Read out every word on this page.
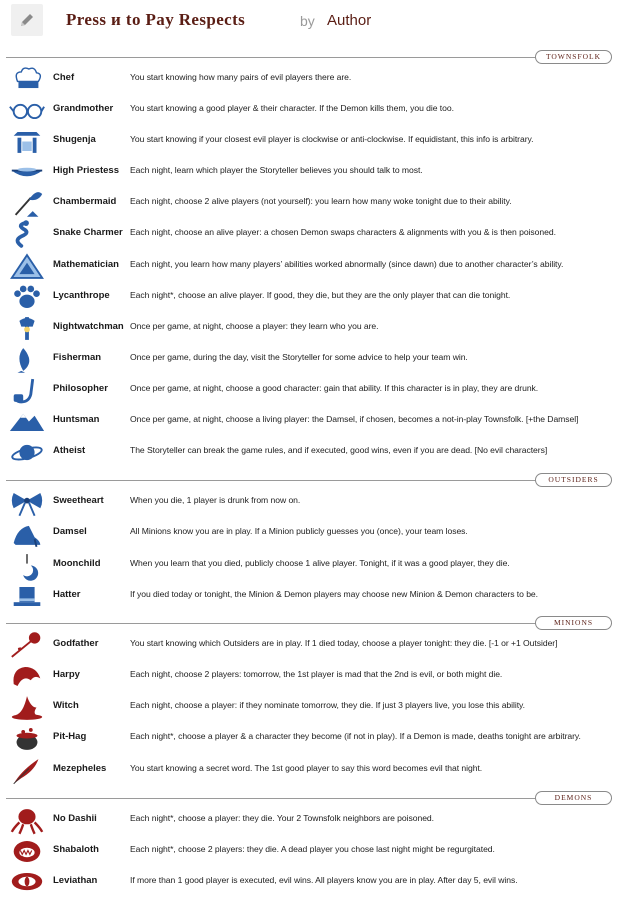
Press и to Pay Respects	by Author
TOWNSFOLK
OUTSIDERS
MINIONS
DEMONS
Chef	You start knowing how many pairs of evil players there are.
Grandmother You start knowing a good player & their character. If the Demon kills them, you die too.
Shugenja	You start knowing if your closest evil player is clockwise or anti-clockwise. If equidistant, this info is arbitrary.
High Priestess Each night, learn which player the Storyteller believes you should talk to most.
Chambermaid Each night, choose 2 alive players (not yourself): you learn how many woke tonight due to their ability.
Snake Charmer Each night, choose an alive player: a chosen Demon swaps characters & alignments with you & is then poisoned.
Mathematician Each night, you learn how many players’ abilities worked abnormally (since dawn) due to another character’s ability.
Lycanthrope Each night*, choose an alive player. If good, they die, but they are the only player that can die tonight.
Nightwatchman Once per game, at night, choose a player: they learn who you are.
Fisherman	Once per game, during the day, visit the Storyteller for some advice to help your team win.
Philosopher	Once per game, at night, choose a good character: gain that ability. If this character is in play, they are drunk.
Huntsman	Once per game, at night, choose a living player: the Damsel, if chosen, becomes a not-in-play Townsfolk. [+the Damsel]
Atheist	The Storyteller can break the game rules, and if executed, good wins, even if you are dead. [No evil characters]
Sweetheart	When you die, 1 player is drunk from now on.
Damsel	All Minions know you are in play. If a Minion publicly guesses you (once), your team loses.
Moonchild	When you learn that you died, publicly choose 1 alive player. Tonight, if it was a good player, they die.
Hatter	If you died today or tonight, the Minion & Demon players may choose new Minion & Demon characters to be.
Godfather	You start knowing which Outsiders are in play. If 1 died today, choose a player tonight: they die. [-1 or +1 Outsider]
Harpy	Each night, choose 2 players: tomorrow, the 1st player is mad that the 2nd is evil, or both might die.
Witch	Each night, choose a player: if they nominate tomorrow, they die. If just 3 players live, you lose this ability.
Pit-Hag	Each night*, choose a player & a character they become (if not in play). If a Demon is made, deaths tonight are arbitrary.
Mezepheles	You start knowing a secret word. The 1st good player to say this word becomes evil that night.
No Dashii	Each night*, choose a player: they die. Your 2 Townsfolk neighbors are poisoned.
Shabaloth	Each night*, choose 2 players: they die. A dead player you chose last night might be regurgitated.
Leviathan	If more than 1 good player is executed, evil wins. All players know you are in play. After day 5, evil wins.
